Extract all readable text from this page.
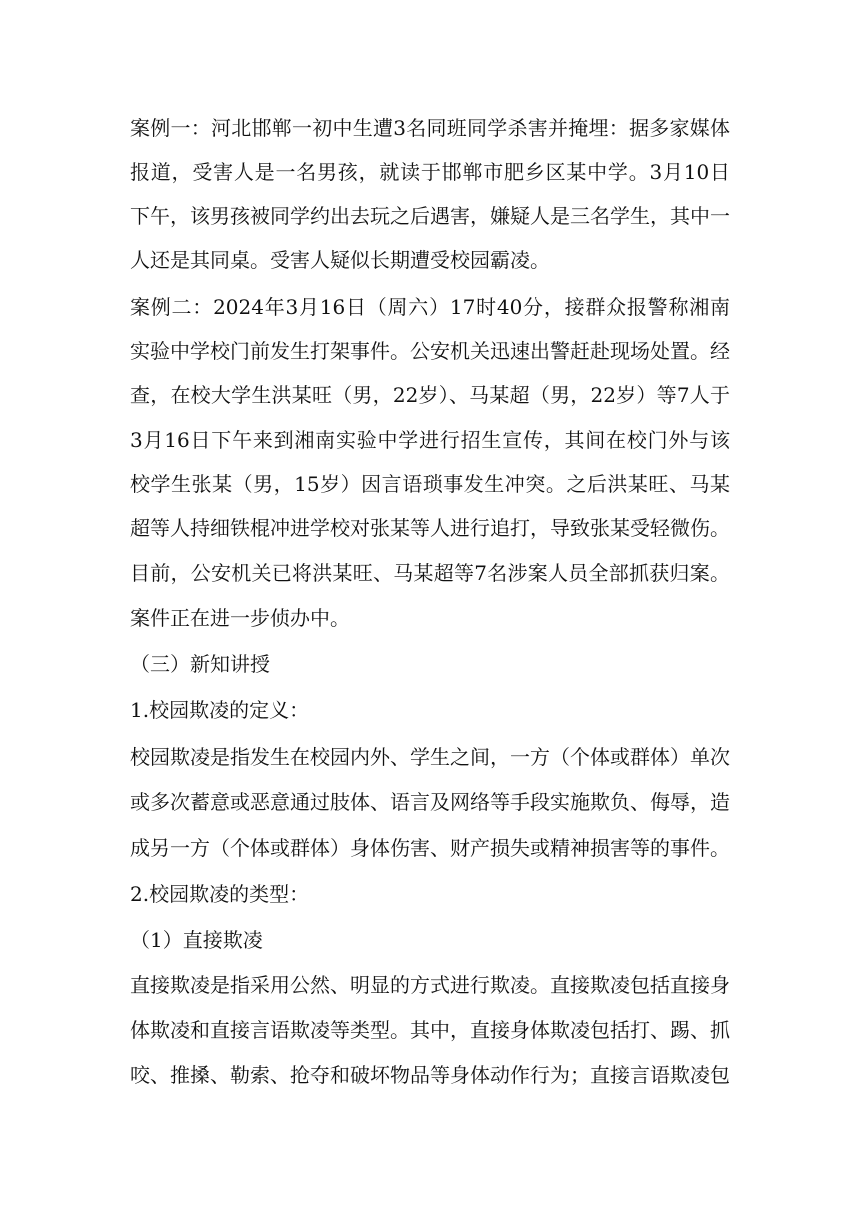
案例一：河北邯郸一初中生遭3名同班同学杀害并掩埋：据多家媒体
报道，受害人是一名男孩，就读于邯郸市肥乡区某中学。3月10日
下午，该男孩被同学约出去玩之后遇害，嫌疑人是三名学生，其中一
人还是其同桌。受害人疑似长期遭受校园霸凌。
案例二：2024年3月16日（周六）17时40分，接群众报警称湘南
实验中学校门前发生打架事件。公安机关迅速出警赶赴现场处置。经
查，在校大学生洪某旺（男，22岁）、马某超（男，22岁）等7人于
3月16日下午来到湘南实验中学进行招生宣传，其间在校门外与该
校学生张某（男，15岁）因言语琐事发生冲突。之后洪某旺、马某
超等人持细铁棍冲进学校对张某等人进行追打，导致张某受轻微伤。
目前，公安机关已将洪某旺、马某超等7名涉案人员全部抓获归案。
案件正在进一步侦办中。
（三）新知讲授
1.校园欺凌的定义：
校园欺凌是指发生在校园内外、学生之间，一方（个体或群体）单次
或多次蓄意或恶意通过肢体、语言及网络等手段实施欺负、侮辱，造
成另一方（个体或群体）身体伤害、财产损失或精神损害等的事件。
2.校园欺凌的类型：
（1）直接欺凌
直接欺凌是指采用公然、明显的方式进行欺凌。直接欺凌包括直接身
体欺凌和直接言语欺凌等类型。其中，直接身体欺凌包括打、踢、抓
咬、推搡、勒索、抢夺和破坏物品等身体动作行为；直接言语欺凌包
